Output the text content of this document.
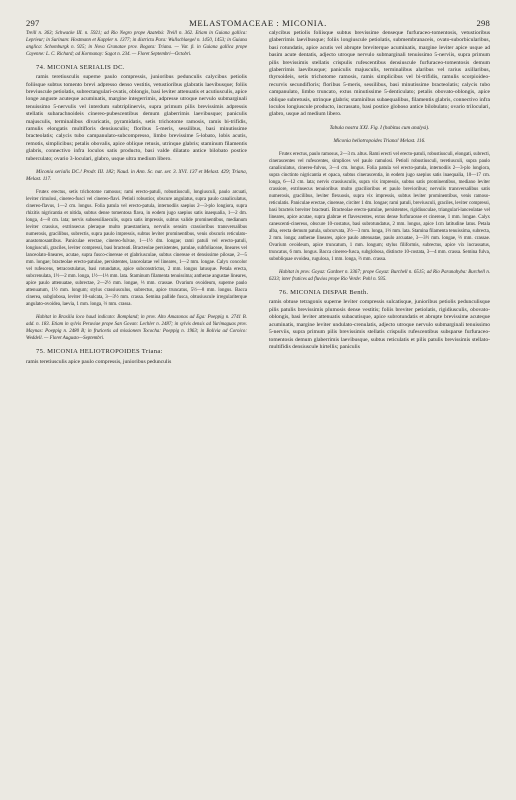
297	MELASTOMACEAE : MICONIA.	298

Treill n. 363; Schwacke III. n. 5921; ad Rio Negro prope Azatebú: Treill n. 362. Etiam in Guiana gallica: Leprieur; in Surinam: Hostmann et Kappler n. 1377; in districtu Para: Wullschlaegel n. 1450, 1453; in Guiana anglica: Schomburgk n. 925; in Nova Granatae prov. Bogota: Triana. — Var. β. in Guiana gallica prope Cayenne: L. C. Richard; ad Kormanay: Sagot n. 234. — Floret Septembri—Octobri.

74. MICONIA SERIALIS DC.

ramis teretiusculis superne paulo compressis, junioribus pedunculis calycibus petiolis foliisque subtus tomento brevi adpresso denso vestitis, vetustioribus glabratis laevibusque; foliis breviuscule petiolatis, subrectangulari-ovatis, oblongis, basi leviter attenuatis et acutiusculis, apice longe anguste acuteque acuminatis, margine integerrimis, adpresse utroque nervulo submarginali tenuissimo 5-nervulis vel interdum subtriplinervis, supra primum pilis brevissimis adpressis stellatis subarachnoideis cinereo-pubescentibus demum glaberrimis laevibusque; paniculis majusculis, terminalibus divaricatis, pyramidatis, setis trichotome ramosis, ramis bi-trifidis, ramulis elongatis multifloris densiusculis; floribus 5-meris, sessilibus, basi minutissime bracteolatis; calycis tubo campanulato-subcompresso, limbo brevissime 5-lobato, lobis acutis, remotis, simplicibus; petalis obovalis, apice oblique retusis, utrinque glabris; staminum filamentis glabris, connectivo infra loculos satis producto, basi valde dilatato antice bilobato postice tuberculato; ovario 3-loculari, glabro, usque ultra medium libero.

Miconia serialis DC.! Prodr. III. 182; Naud. in Ann. Sc. nat. ser. 3. XVI. 137 et Melast. 429; Triana, Melast. 117.

Frutex erectus, setis trichotome ramosus; rami erecto-patuli, robustiusculi, longiusculi, paulo arcuati, leviter rimulosi, cinereo-fusci vel cinereo-flavi. Petioli robustior, obscure angulatus, supra paulo canaliculatus, cinereo-flavus, 1—2 cm. longus. Folia patula vel erecto-patula, internodiis saepius 2—3-plo longiora, supra rhizitis nigricantia et nitida, subtus dense tomentosa flava, in eodem jugo saepius satis inaequalia, 1—2 dm. longa, 4—8 cm. lata; nervis subsessiliaeculis, supra satis impressis, subtus valide prominentibus, medianum leviter crassius, extrinsecus pleraque multo praestantiora, nervulis sensim crassioribus transversalibus numerosis, gracilibus, subrectis, supra paulo impressis, subtus leviter prominentibus, venis obscuris reticulato-anastomosantibus. Paniculae erectae, cinereo-fulvae, 1—1½ dm. longae; rami patuli vel erecto-patuli, longiusculi, graciles, leviter compressi, basi bracteati. Bracteolae persistentes, patulae, subfoliaceae, lineares vel lanceolato-lineares, acutae, supra fusco-cinereae et glabriusculae, subtus cinereae et densissime pilosae, 2—5 mm. longae; bracteolae erecto-patulae, persistentes, lanceolatae vel lineares, 1—2 mm. longae. Calyx concolor vel rufescens, tetracostulatus, basi rotundatus, apice subconstrictus, 2 mm. longus latusque. Petala erecta, subcrenulata, 1½—2 mm. longa, 1½—1⅓ mm. lata. Staminum filamenta tenuissima; antherae angustae lineares, apice paulo attenuatae, subrectae, 2—2½ mm. longae, ⅓ mm. crassae. Ovarium ovoideum, superne paulo attenuatum, 1½ mm. longum; stylus crassiusculus, subrectus, apice truncatus, 5½—8 mm. longus. Bacca cinerea, subglobosa, leviter 10-sulcata, 3—3½ mm. crassa. Semina pallide fusca, obtusiuscule irregulariterque angulato-ovoidea, laevia, 1 mm. longa, ⅔ mm. crassa.

Habitat in Brasilia loco haud indicato: Bompland; in prov. Alto Amazonas ad Ega: Poeppig n. 2741 B. add. n. 183. Etiam in sylvis Peruviae prope San Govan: Lechler n. 2487; in sylvis densis ad Yurimaguas prov. Maynas: Poeppig n. 2480 B; in fruticetis ad missionem Tococha: Poeppig n. 1963; in Bolivia ad Coroico: Weddell. — Floret Augusto—Septembri.

75. MICONIA HELIOTROPOIDES Triana:

ramis teretiusculis apice paulo compressis, junioribus pedunculis

calycibus petiolis foliisque subtus brevissime denseque furfuraceo-tomentosis, vetustioribus glaberrimis laevibusque; foliis longiuscule petiolatis, submembranaceis, ovato-suborbicularibus, basi rotundatis, apice acutis vel abrupte breviterque acuminatis, margine leviter apice usque ad basim acute dentatis, adjecto utroque nervulo submarginali tenuissimo 5-nerviis, supra primum pilis brevissimis stellatis crispulis rufescentibus densiuscule furfuraceo-tomentosis demum glaberrimis laevibusque; paniculis majusculis, terminalibus alaribus vel rarius axillaribus, thyrsoideis, setis trichotome ramosis, ramis simplicibus vel bi-trifidis, ramulis scorpioideo-recurvis secundifloris; floribus 5-meris, sessilibus, basi minutissime bracteolatis; calycis tubo campanulato, limbo truncato, extus minutissime 5-denticulato; petalis obovato-oblongis, apice oblique subretusis, utrinque glabris; staminibus subaequalibus, filamentis glabris, connectivo infra loculos longiuscule producto, incrassato, basi postice globoso antice bilobulato; ovario triloculari, glabro, usque ad medium libero.

Tabula nostra XXI. Fig. I (habitus cum analysi).

Miconia heliotropoides Triana! Melast. 116.

Frutex erectus, paulo ramosus, 2—3 m. altus. Rami erecti vel erecto-patuli, robustiusculi, elongati, subrecti, cinerascentes vel rufescentes, simplices vel paulo ramulosi. Petioli robustiusculi, teretiusculi, supra paulo canaliculatus, cinereo-fulvus, 3—4 cm. longus. Folia patula vel erecto-patula, internodiis 2—3-plo longiora, supra cinctinto nigricantia et opaca, subtus cinerascentia, in eodem jugo saepius satis inaequalia, 10—17 cm. longa, 6—12 cm. lata; nervis crassiusculis, supra vix impressis, subtus satis prominentibus, mediano leviter crassiore, extrinsecus tenuioribus multo gracilioribus et paulo brevioribus; nervulis transversalibus satis numerosis, gracilibus, leviter flexuosis, supra vix impressis, subtus leviter prominentibus, venis ramoso-reticulatis. Paniculae erectae, cinereae, circiter 1 dm. longae; rami patuli, breviusculi, graciles, leviter compressi, basi bracteis breviter bracteati. Bracteolae erecto-patulae, persistentes, rigidiusculae, triangulari-lanceolatae vel lineares, apice acutae, supra glabrae et flavescentes, extus dense furfuraceae et cinereae, 1 mm. longae. Calyx canescenti-cinereus, obscure 10-costatus, basi subrotundatus, 2 mm. longus, apice 1cm latitudine latus. Petala alba, erecta demum patula, subcurvata, 3½—3 mm. longa, 1⅓ mm. lata. Stamina filamenta tenuissima, subrecta, 2 mm. longa; antherae lineares, apice paulo attenuatae, paulo arcuatae, 3—3½ mm. longae, ⅓ mm. crassae. Ovarium ovoideum, apice truncatum, 1 mm. longum; stylus filiformis, subrectus, apice vix incrassatus, truncatus, 6 mm. longus. Bacca cinereo-fusca, subglobosa, distincte 10-costata, 3—4 mm. crassa. Semina fulva, subobliquae ovoidea, rugulosa, 1 mm. longa, ⅔ mm. crassa.

Habitat in prov. Goyaz: Gardner n. 3367; prope Goyaz: Burchell n. 6515; ad Rio Paranahyba: Burchell n. 6233; inter frutices ad fluvios prope Rio Verde: Pohl n. 935.

76. MICONIA DISPAR Benth.

ramis obtuse tetragonis superne leviter compressis sulcatisque, junioribus petiolis pedunculisque pilis patulis brevissimis plumosis dense vestitis; foliis breviter petiolatis, rigidiusculis, obovato-oblongis, basi leviter attenuatis subacutisque, apice subrotundatis et abrupte brevissime acuteque acuminatis, margine leviter undulato-crenulatis, adjecto utroque nervulo submarginali tenuissimo 5-nerviis, supra primum pilis brevissimis stellatis crispulis rufescentibus subsparse furfuraceo-tomentosis demum glaberrimis laevibusque, subtus reticulatis et pilis patulis brevissimis stellato-multifidis densiuscule hirtellis; paniculis
